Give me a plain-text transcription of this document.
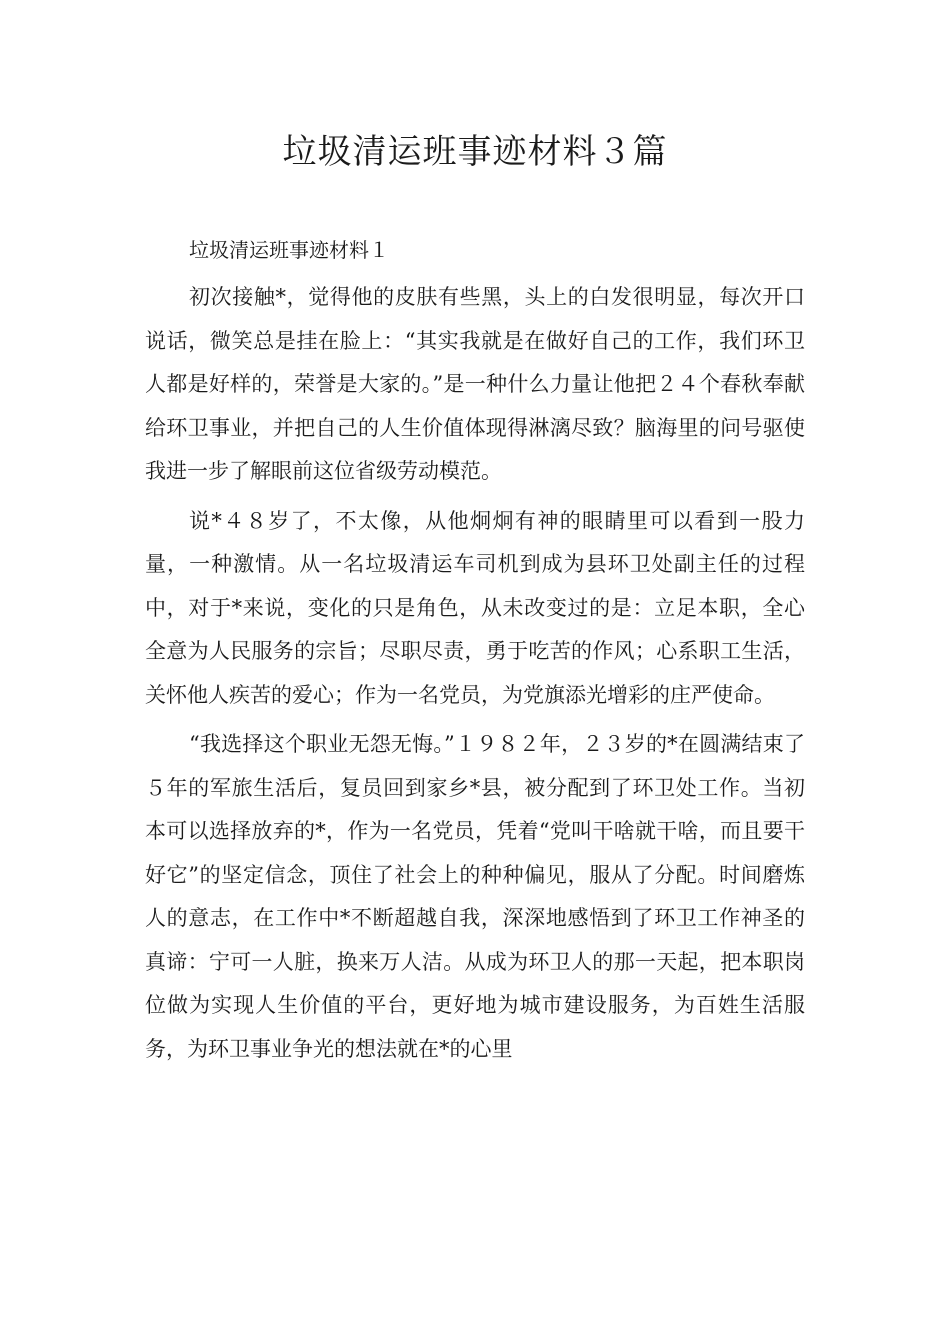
垃圾清运班事迹材料３篇

垃圾清运班事迹材料１

初次接触*，觉得他的皮肤有些黑，头上的白发很明显，每次开口说话，微笑总是挂在脸上：“其实我就是在做好自己的工作，我们环卫人都是好样的，荣誉是大家的。”是一种什么力量让他把２４个春秋奉献给环卫事业，并把自己的人生价值体现得淋漓尽致？脑海里的问号驱使我进一步了解眼前这位省级劳动模范。

说*４８岁了，不太像，从他炯炯有神的眼睛里可以看到一股力量，一种激情。从一名垃圾清运车司机到成为县环卫处副主任的过程中，对于*来说，变化的只是角色，从未改变过的是：立足本职，全心全意为人民服务的宗旨；尽职尽责，勇于吃苦的作风；心系职工生活，关怀他人疾苦的爱心；作为一名党员，为党旗添光增彩的庄严使命。

“我选择这个职业无怨无悔。”１９８２年，２３岁的*在圆满结束了５年的军旅生活后，复员回到家乡*县，被分配到了环卫处工作。当初本可以选择放弃的*，作为一名党员，凭着“党叫干啥就干啥，而且要干好它”的坚定信念，顶住了社会上的种种偏见，服从了分配。时间磨炼人的意志，在工作中*不断超越自我，深深地感悟到了环卫工作神圣的真谛：宁可一人脏，换来万人洁。从成为环卫人的那一天起，把本职岗位做为实现人生价值的平台，更好地为城市建设服务，为百姓生活服务，为环卫事业争光的想法就在*的心里
